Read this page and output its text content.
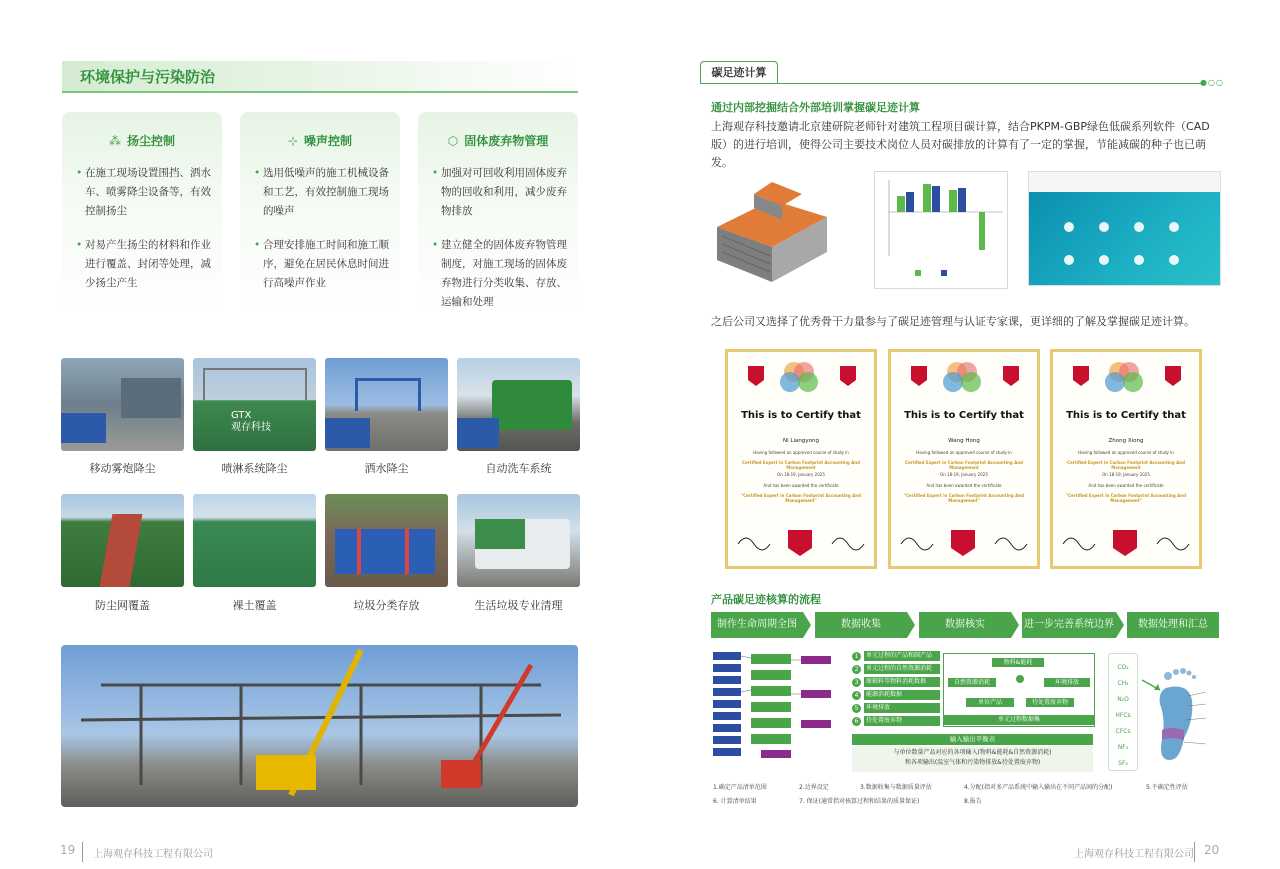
环境保护与污染防治
⁂ 扬尘控制
• 在施工现场设置围挡、洒水车、喷雾降尘设备等，有效控制扬尘
• 对易产生扬尘的材料和作业进行覆盖、封闭等处理，减少扬尘产生
⊹ 噪声控制
• 选用低噪声的施工机械设备和工艺，有效控制施工现场的噪声
• 合理安排施工时间和施工顺序，避免在居民休息时间进行高噪声作业
⬡ 固体废弃物管理
• 加强对可回收利用固体废弃物的回收和利用，减少废弃物排放
• 建立健全的固体废弃物管理制度，对施工现场的固体废弃物进行分类收集、存放、运输和处理
GTX
观存科技
移动雾炮降尘	喷淋系统降尘	洒水降尘	自动洗车系统
防尘网覆盖	裸土覆盖	垃圾分类存放	生活垃圾专业清理
19 上海观存科技工程有限公司
碳足迹计算
●○○
通过内部挖掘结合外部培训掌握碳足迹计算
上海观存科技邀请北京建研院老师针对建筑工程项目碳计算，结合PKPM-GBP绿色低碳系列软件（CAD版）的进行培训，使得公司主要技术岗位人员对碳排放的计算有了一定的掌握，节能减碳的种子也已萌发。
之后公司又选择了优秀骨干力量参与了碳足迹管理与认证专家课，更详细的了解及掌握碳足迹计算。
This is to Certify that
Ni Liangyong
Having followed an approved course of study in
Certified Expert in Carbon Footprint Accounting And Management
On 18-19, January 2025
And has been awarded the certificate
"Certified Expert in Carbon Footprint Accounting And Management"
This is to Certify that
Wang Hong
Having followed an approved course of study in
Certified Expert in Carbon Footprint Accounting And Management
On 18-19, January 2025
And has been awarded the certificate
"Certified Expert in Carbon Footprint Accounting And Management"
This is to Certify that
Zhong Xiong
Having followed an approved course of study in
Certified Expert in Carbon Footprint Accounting And Management
On 18-19, January 2025
And has been awarded the certificate
"Certified Expert in Carbon Footprint Accounting And Management"
产品碳足迹核算的流程
制作生命周期全图	数据收集	数据核实	进一步完善系统边界	数据处理和汇总
1	单元过程的产品和副产品
2	单元过程的自然资源消耗
3	原辅料等物料消耗数据
4	能源消耗数据
5	环境排放
6	待处置废弃物
物料&能耗
自然资源消耗	环境排放
单位产品	待处置废弃物
单元过程数据集
输入输出平衡表
与单位数量产品对应的各项输入(物料&能耗&自然资源消耗)
和各项输出(温室气体和污染物排放&待处置废弃物)
CO₂
CH₄
N₂O
HFCs
CFCs
NF₃
SF₆
1.确定产品清单范围	2.边界设定	3.数据收集与数据质量评估	4.分配(指对多产品系统中输入输出在不同产品间的分配)	5.不确定性评估
6. 计算清单结果	7. 保证(通常指对核算过程和结果的质量保证)	8.报告
上海观存科技工程有限公司 20
